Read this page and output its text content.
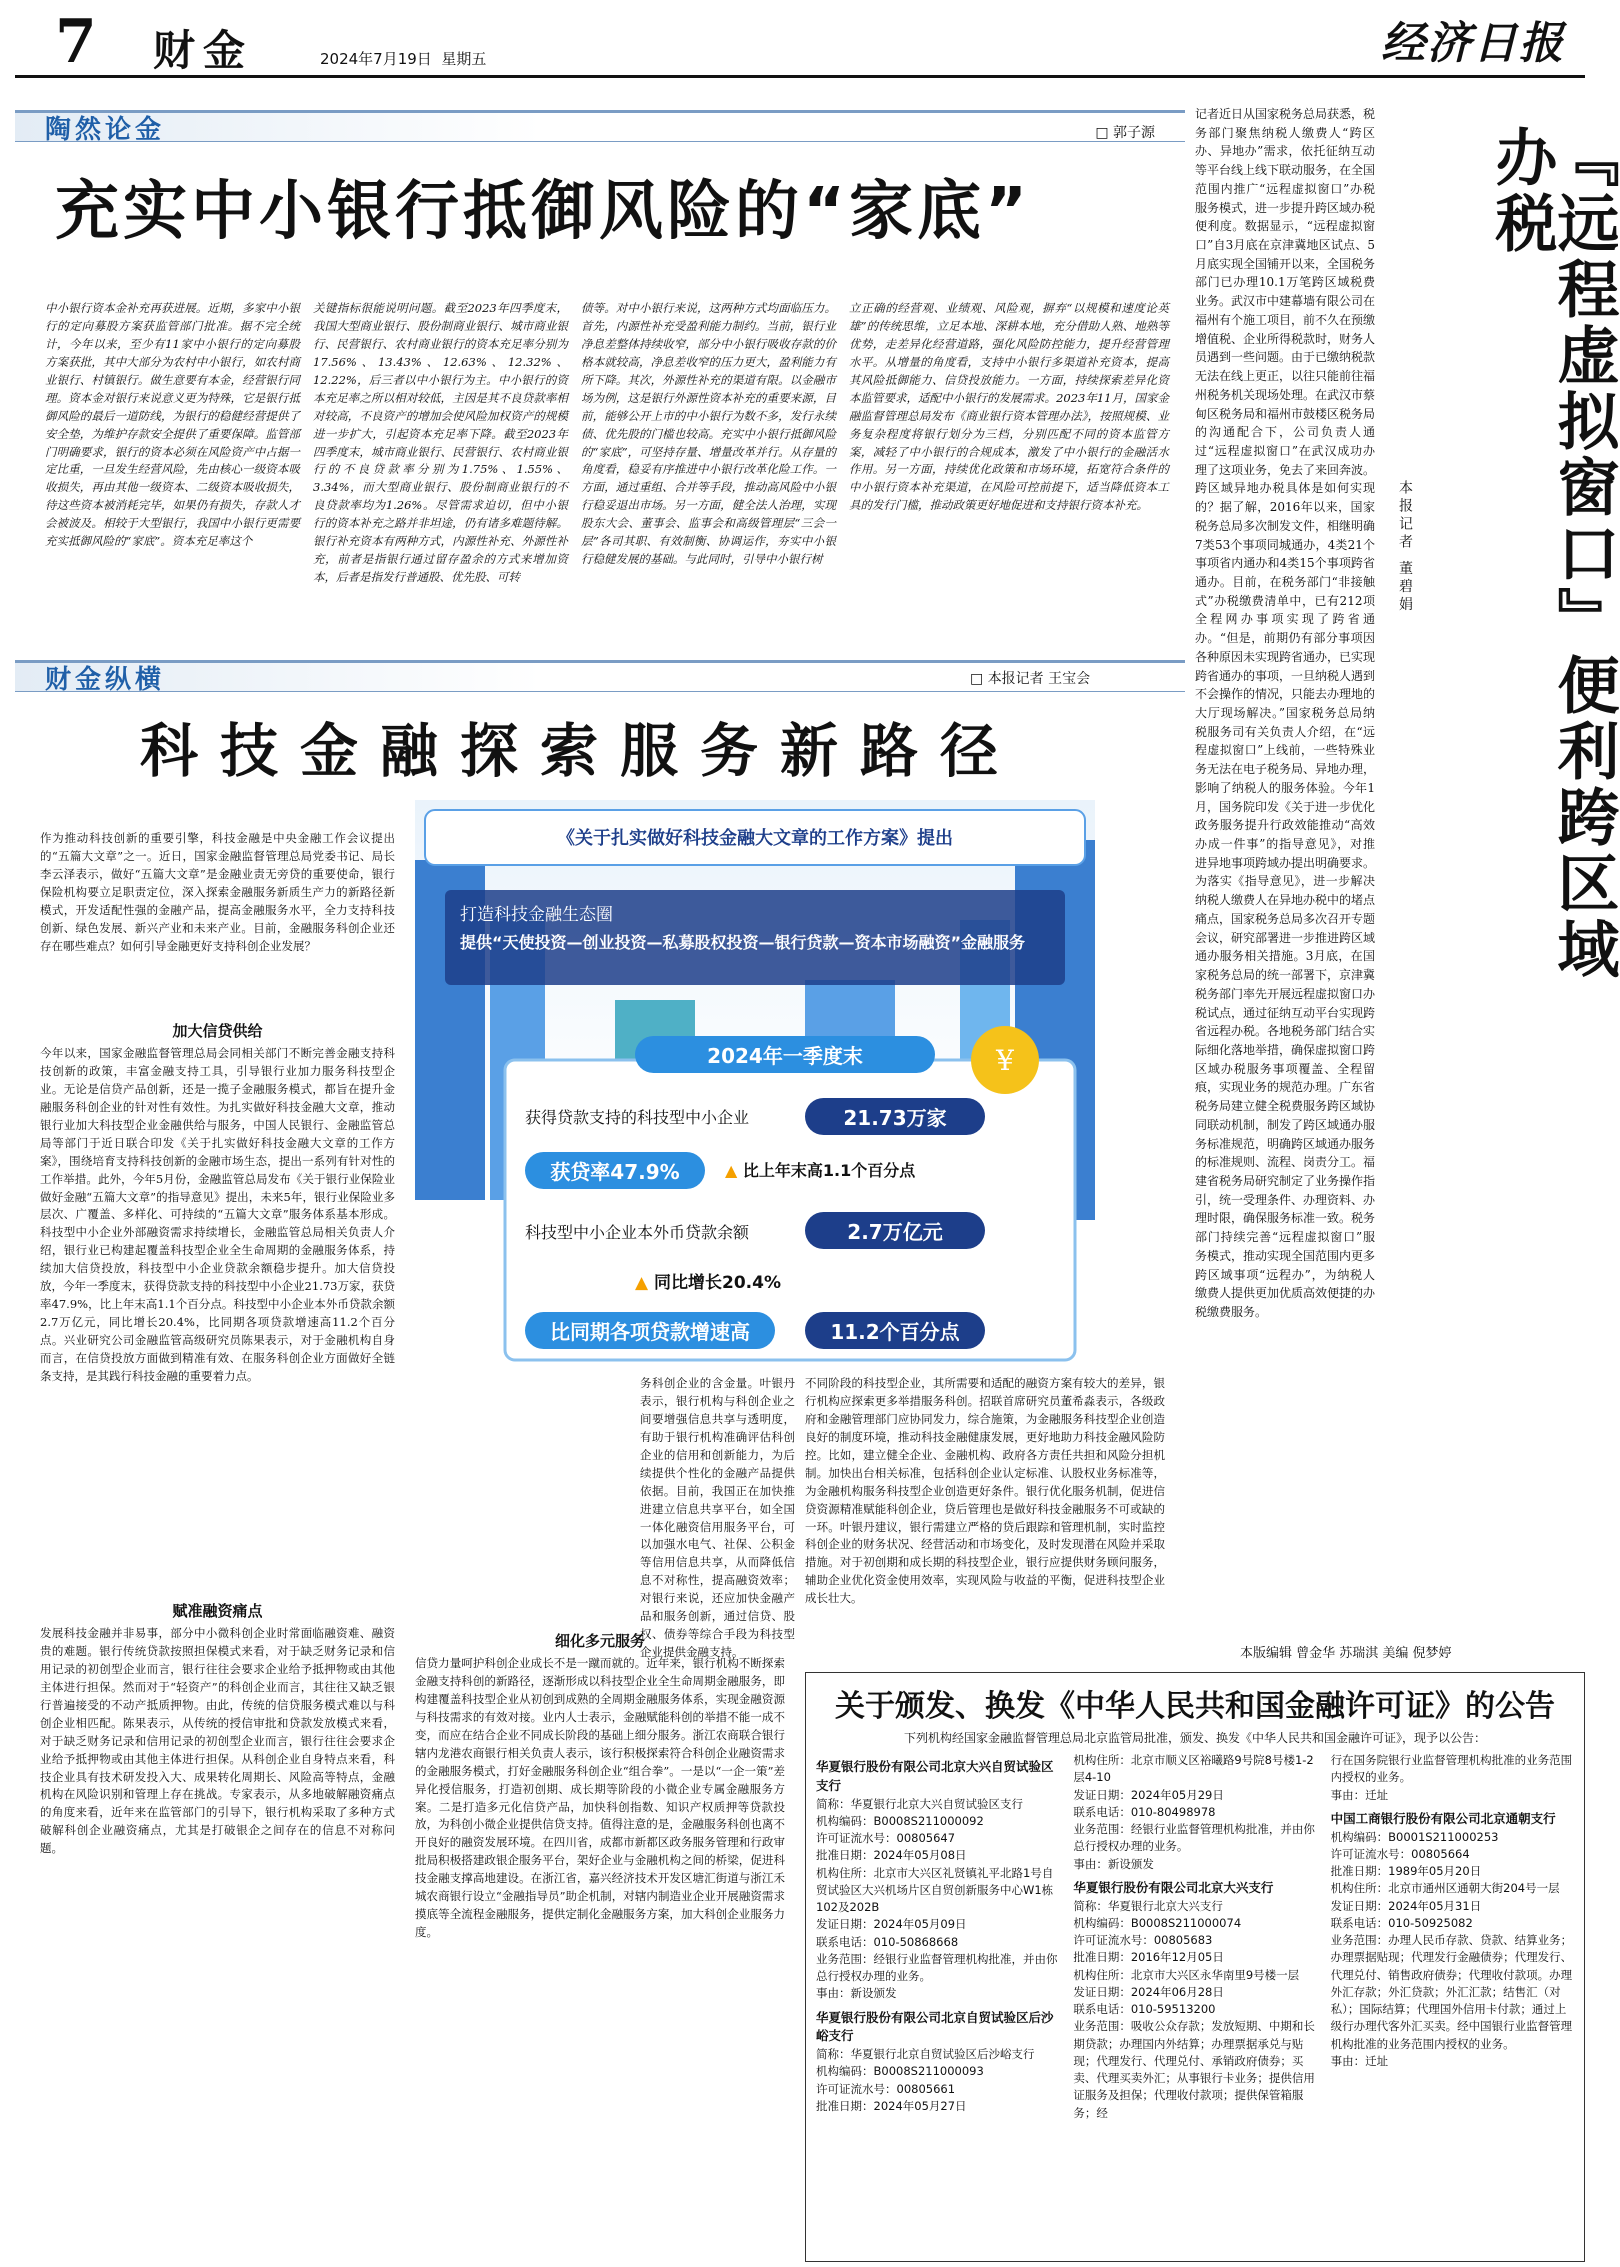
7 财金	2024年7月19日 星期五	经济日报
陶然论金	□ 郭子源
充实中小银行抵御风险的“家底”
中小银行资本金补充再获进展。近期，多家中小银行的定向募股方案获监管部门批准。据不完全统计，今年以来，至少有11家中小银行的定向募股方案获批，其中大部分为农村中小银行，如农村商业银行、村镇银行。做生意要有本金，经营银行同理。资本金对银行来说意义更为特殊，它是银行抵御风险的最后一道防线，为银行的稳健经营提供了安全垫，为维护存款安全提供了重要保障。监管部门明确要求，银行的资本必须在风险资产中占据一定比重，一旦发生经营风险，先由核心一级资本吸收损失，再由其他一级资本、二级资本吸收损失，待这些资本被消耗完毕，如果仍有损失，存款人才会被波及。相较于大型银行，我国中小银行更需要充实抵御风险的“家底”。资本充足率这个
关键指标很能说明问题。截至2023年四季度末，我国大型商业银行、股份制商业银行、城市商业银行、民营银行、农村商业银行的资本充足率分别为17.56%、13.43%、12.63%、12.32%、12.22%，后三者以中小银行为主。中小银行的资本充足率之所以相对较低，主因是其不良贷款率相对较高，不良资产的增加会使风险加权资产的规模进一步扩大，引起资本充足率下降。截至2023年四季度末，城市商业银行、民营银行、农村商业银行的不良贷款率分别为1.75%、1.55%、3.34%，而大型商业银行、股份制商业银行的不良贷款率均为1.26%。尽管需求迫切，但中小银行的资本补充之路并非坦途，仍有诸多难题待解。银行补充资本有两种方式，内源性补充、外源性补充，前者是指银行通过留存盈余的方式来增加资本，后者是指发行普通股、优先股、可转
债等。对中小银行来说，这两种方式均面临压力。首先，内源性补充受盈利能力制约。当前，银行业净息差整体持续收窄，部分中小银行吸收存款的价格本就较高，净息差收窄的压力更大，盈利能力有所下降。其次，外源性补充的渠道有限。以金融市场为例，这是银行外源性资本补充的重要来源，目前，能够公开上市的中小银行为数不多，发行永续债、优先股的门槛也较高。充实中小银行抵御风险的“家底”，可坚持存量、增量改革并行。从存量的角度看，稳妥有序推进中小银行改革化险工作。一方面，通过重组、合并等手段，推动高风险中小银行稳妥退出市场。另一方面，健全法人治理，实现股东大会、董事会、监事会和高级管理层“三会一层”各司其职、有效制衡、协调运作，夯实中小银行稳健发展的基础。与此同时，引导中小银行树
立正确的经营观、业绩观、风险观，摒弃“以规模和速度论英雄”的传统思维，立足本地、深耕本地，充分借助人熟、地熟等优势，走差异化经营道路，强化风险防控能力，提升经营管理水平。从增量的角度看，支持中小银行多渠道补充资本，提高其风险抵御能力、信贷投放能力。一方面，持续探索差异化资本监管要求，适配中小银行的发展需求。2023年11月，国家金融监督管理总局发布《商业银行资本管理办法》，按照规模、业务复杂程度将银行划分为三档，分别匹配不同的资本监管方案，减轻了中小银行的合规成本，激发了中小银行的金融活水作用。另一方面，持续优化政策和市场环境，拓宽符合条件的中小银行资本补充渠道，在风险可控前提下，适当降低资本工具的发行门槛，推动政策更好地促进和支持银行资本补充。
财金纵横	□ 本报记者 王宝会
科技金融探索服务新路径
作为推动科技创新的重要引擎，科技金融是中央金融工作会议提出的“五篇大文章”之一。近日，国家金融监督管理总局党委书记、局长李云泽表示，做好“五篇大文章”是金融业责无旁贷的重要使命，银行保险机构要立足职责定位，深入探索金融服务新质生产力的新路径新模式，开发适配性强的金融产品，提高金融服务水平，全力支持科技创新、绿色发展、新兴产业和未来产业。目前，金融服务科创企业还存在哪些难点？如何引导金融更好支持科创企业发展？
加大信贷供给
今年以来，国家金融监督管理总局会同相关部门不断完善金融支持科技创新的政策，丰富金融支持工具，引导银行业加力服务科技型企业。无论是信贷产品创新，还是一揽子金融服务模式，都旨在提升金融服务科创企业的针对性有效性。为扎实做好科技金融大文章，推动银行业加大科技型企业金融供给与服务，中国人民银行、金融监管总局等部门于近日联合印发《关于扎实做好科技金融大文章的工作方案》，围绕培育支持科技创新的金融市场生态，提出一系列有针对性的工作举措。此外，今年5月份，金融监管总局发布《关于银行业保险业做好金融“五篇大文章”的指导意见》提出，未来5年，银行业保险业多层次、广覆盖、多样化、可持续的“五篇大文章”服务体系基本形成。科技型中小企业外部融资需求持续增长，金融监管总局相关负责人介绍，银行业已构建起覆盖科技型企业全生命周期的金融服务体系，持续加大信贷投放，科技型中小企业贷款余额稳步提升。加大信贷投放，今年一季度末，获得贷款支持的科技型中小企业21.73万家，获贷率47.9%，比上年末高1.1个百分点。科技型中小企业本外币贷款余额2.7万亿元，同比增长20.4%，比同期各项贷款增速高11.2个百分点。兴业研究公司金融监管高级研究员陈果表示，对于金融机构自身而言，在信贷投放方面做到精准有效、在服务科创企业方面做好全链条支持，是其践行科技金融的重要着力点。
赋准融资痛点
发展科技金融并非易事，部分中小微科创企业时常面临融资难、融资贵的难题。银行传统贷款按照担保模式来看，对于缺乏财务记录和信用记录的初创型企业而言，银行往往会要求企业给予抵押物或由其他主体进行担保。然而对于“轻资产”的科创企业而言，其往往又缺乏银行普遍接受的不动产抵质押物。由此，传统的信贷服务模式难以与科创企业相匹配。陈果表示，从传统的授信审批和贷款发放模式来看，对于缺乏财务记录和信用记录的初创型企业而言，银行往往会要求企业给予抵押物或由其他主体进行担保。从科创企业自身特点来看，科技企业具有技术研发投入大、成果转化周期长、风险高等特点，金融机构在风险识别和管理上存在挑战。专家表示，从多地破解融资痛点的角度来看，近年来在监管部门的引导下，银行机构采取了多种方式破解科创企业融资痛点，尤其是打破银企之间存在的信息不对称问题。
¥
《关于扎实做好科技金融大文章的工作方案》提出
打造科技金融生态圈
提供“天使投资—创业投资—私募股权投资—银行贷款—资本市场融资”金融服务
2024年一季度末
获得贷款支持的科技型中小企业	21.73万家
获贷率47.9%	▲ 比上年末高1.1个百分点
科技型中小企业本外币贷款余额	2.7万亿元
▲ 同比增长20.4%
比同期各项贷款增速高	11.2个百分点
务科创企业的含金量。叶银丹表示，银行机构与科创企业之间要增强信息共享与透明度，有助于银行机构准确评估科创企业的信用和创新能力，为后续提供个性化的金融产品提供依据。目前，我国正在加快推进建立信息共享平台，如全国一体化融资信用服务平台，可以加强水电气、社保、公积金等信用信息共享，从而降低信息不对称性，提高融资效率；对银行来说，还应加快金融产品和服务创新，通过信贷、股权、债券等综合手段为科技型企业提供金融支持。
不同阶段的科技型企业，其所需要和适配的融资方案有较大的差异，银行机构应探索更多举措服务科创。招联首席研究员董希淼表示，各级政府和金融管理部门应协同发力，综合施策，为金融服务科技型企业创造良好的制度环境，推动科技金融健康发展，更好地助力科技金融风险防控。比如，建立健全企业、金融机构、政府各方责任共担和风险分担机制。加快出台相关标准，包括科创企业认定标准、认股权业务标准等，为金融机构服务科技型企业创造更好条件。银行优化服务机制，促进信贷资源精准赋能科创企业，贷后管理也是做好科技金融服务不可或缺的一环。叶银丹建议，银行需建立严格的贷后跟踪和管理机制，实时监控科创企业的财务状况、经营活动和市场变化，及时发现潜在风险并采取措施。对于初创期和成长期的科技型企业，银行应提供财务顾问服务，辅助企业优化资金使用效率，实现风险与收益的平衡，促进科技型企业成长壮大。
细化多元服务
信贷力量呵护科创企业成长不是一蹴而就的。近年来，银行机构不断探索金融支持科创的新路径，逐渐形成以科技型企业全生命周期金融服务，即构建覆盖科技型企业从初创到成熟的全周期金融服务体系，实现金融资源与科技需求的有效对接。业内人士表示，金融赋能科创的举措不能一成不变，而应在结合企业不同成长阶段的基础上细分服务。浙江农商联合银行辖内龙港农商银行相关负责人表示，该行积极探索符合科创企业融资需求的金融服务模式，打好金融服务科创企业“组合拳”。一是以“一企一策”差异化授信服务，打造初创期、成长期等阶段的小微企业专属金融服务方案。二是打造多元化信贷产品，加快科创指数、知识产权质押等贷款投放，为科创小微企业提供信贷支持。值得注意的是，金融服务科创也离不开良好的融资发展环境。在四川省，成都市新都区政务服务管理和行政审批局积极搭建政银企服务平台，架好企业与金融机构之间的桥梁，促进科技金融支撑高地建设。在浙江省，嘉兴经济技术开发区塘汇街道与浙江禾城农商银行设立“金融指导员”助企机制，对辖内制造业企业开展融资需求摸底等全流程金融服务，提供定制化金融服务方案，加大科创企业服务力度。
『远程虚拟窗口』便利跨区域办税
本报记者 董碧娟
记者近日从国家税务总局获悉，税务部门聚焦纳税人缴费人“跨区办、异地办”需求，依托征纳互动等平台线上线下联动服务，在全国范围内推广“远程虚拟窗口”办税服务模式，进一步提升跨区域办税便利度。数据显示，“远程虚拟窗口”自3月底在京津冀地区试点、5月底实现全国铺开以来，全国税务部门已办理10.1万笔跨区域税费业务。武汉市中建幕墙有限公司在福州有个施工项目，前不久在预缴增值税、企业所得税款时，财务人员遇到一些问题。由于已缴纳税款无法在线上更正，以往只能前往福州税务机关现场处理。在武汉市蔡甸区税务局和福州市鼓楼区税务局的沟通配合下，公司负责人通过“远程虚拟窗口”在武汉成功办理了这项业务，免去了来回奔波。跨区域异地办税具体是如何实现的？据了解，2016年以来，国家税务总局多次制发文件，相继明确7类53个事项同城通办，4类21个事项省内通办和4类15个事项跨省通办。目前，在税务部门“非接触式”办税缴费清单中，已有212项全程网办事项实现了跨省通办。“但是，前期仍有部分事项因各种原因未实现跨省通办，已实现跨省通办的事项，一旦纳税人遇到不会操作的情况，只能去办理地的大厅现场解决。”国家税务总局纳税服务司有关负责人介绍，在“远程虚拟窗口”上线前，一些特殊业务无法在电子税务局、异地办理，影响了纳税人的服务体验。今年1月，国务院印发《关于进一步优化政务服务提升行政效能推动“高效办成一件事”的指导意见》，对推进异地事项跨域办提出明确要求。为落实《指导意见》，进一步解决纳税人缴费人在异地办税中的堵点痛点，国家税务总局多次召开专题会议，研究部署进一步推进跨区域通办服务相关措施。3月底，在国家税务总局的统一部署下，京津冀税务部门率先开展远程虚拟窗口办税试点，通过征纳互动平台实现跨省远程办税。各地税务部门结合实际细化落地举措，确保虚拟窗口跨区域办税服务事项覆盖、全程留痕，实现业务的规范办理。广东省税务局建立健全税费服务跨区域协同联动机制，制发了跨区域通办服务标准规范，明确跨区域通办服务的标准规则、流程、岗责分工。福建省税务局研究制定了业务操作指引，统一受理条件、办理资料、办理时限，确保服务标准一致。税务部门持续完善“远程虚拟窗口”服务模式，推动实现全国范围内更多跨区域事项“远程办”，为纳税人缴费人提供更加优质高效便捷的办税缴费服务。
本版编辑 曾金华 苏瑞淇 美编 倪梦婷
关于颁发、换发《中华人民共和国金融许可证》的公告
下列机构经国家金融监督管理总局北京监管局批准，颁发、换发《中华人民共和国金融许可证》，现予以公告：
华夏银行股份有限公司北京大兴自贸试验区支行
简称：华夏银行北京大兴自贸试验区支行
机构编码：B0008S211000092
许可证流水号：00805647
批准日期：2024年05月08日
机构住所：北京市大兴区礼贤镇礼平北路1号自贸试验区大兴机场片区自贸创新服务中心W1栋102及202B
发证日期：2024年05月09日
联系电话：010-50868668
业务范围：经银行业监督管理机构批准，并由你总行授权办理的业务。
事由：新设颁发
华夏银行股份有限公司北京自贸试验区后沙峪支行
简称：华夏银行北京自贸试验区后沙峪支行
机构编码：B0008S211000093
许可证流水号：00805661
批准日期：2024年05月27日
机构住所：北京市顺义区裕曦路9号院8号楼1-2层4-10
发证日期：2024年05月29日
联系电话：010-80498978
业务范围：经银行业监督管理机构批准，并由你总行授权办理的业务。
事由：新设颁发
华夏银行股份有限公司北京大兴支行
简称：华夏银行北京大兴支行
机构编码：B0008S211000074
许可证流水号：00805683
批准日期：2016年12月05日
机构住所：北京市大兴区永华南里9号楼一层
发证日期：2024年06月28日
联系电话：010-59513200
业务范围：吸收公众存款；发放短期、中期和长期贷款；办理国内外结算；办理票据承兑与贴现；代理发行、代理兑付、承销政府债券；买卖、代理买卖外汇；从事银行卡业务；提供信用证服务及担保；代理收付款项；提供保管箱服务；经
行在国务院银行业监督管理机构批准的业务范围内授权的业务。
事由：迁址
中国工商银行股份有限公司北京通朝支行
机构编码：B0001S211000253
许可证流水号：00805664
批准日期：1989年05月20日
机构住所：北京市通州区通朝大街204号一层
发证日期：2024年05月31日
联系电话：010-50925082
业务范围：办理人民币存款、贷款、结算业务；办理票据贴现；代理发行金融债券；代理发行、代理兑付、销售政府债券；代理收付款项。办理外汇存款；外汇贷款；外汇汇款；结售汇（对私）；国际结算；代理国外信用卡付款；通过上级行办理代客外汇买卖。经中国银行业监督管理机构批准的业务范围内授权的业务。
事由：迁址
